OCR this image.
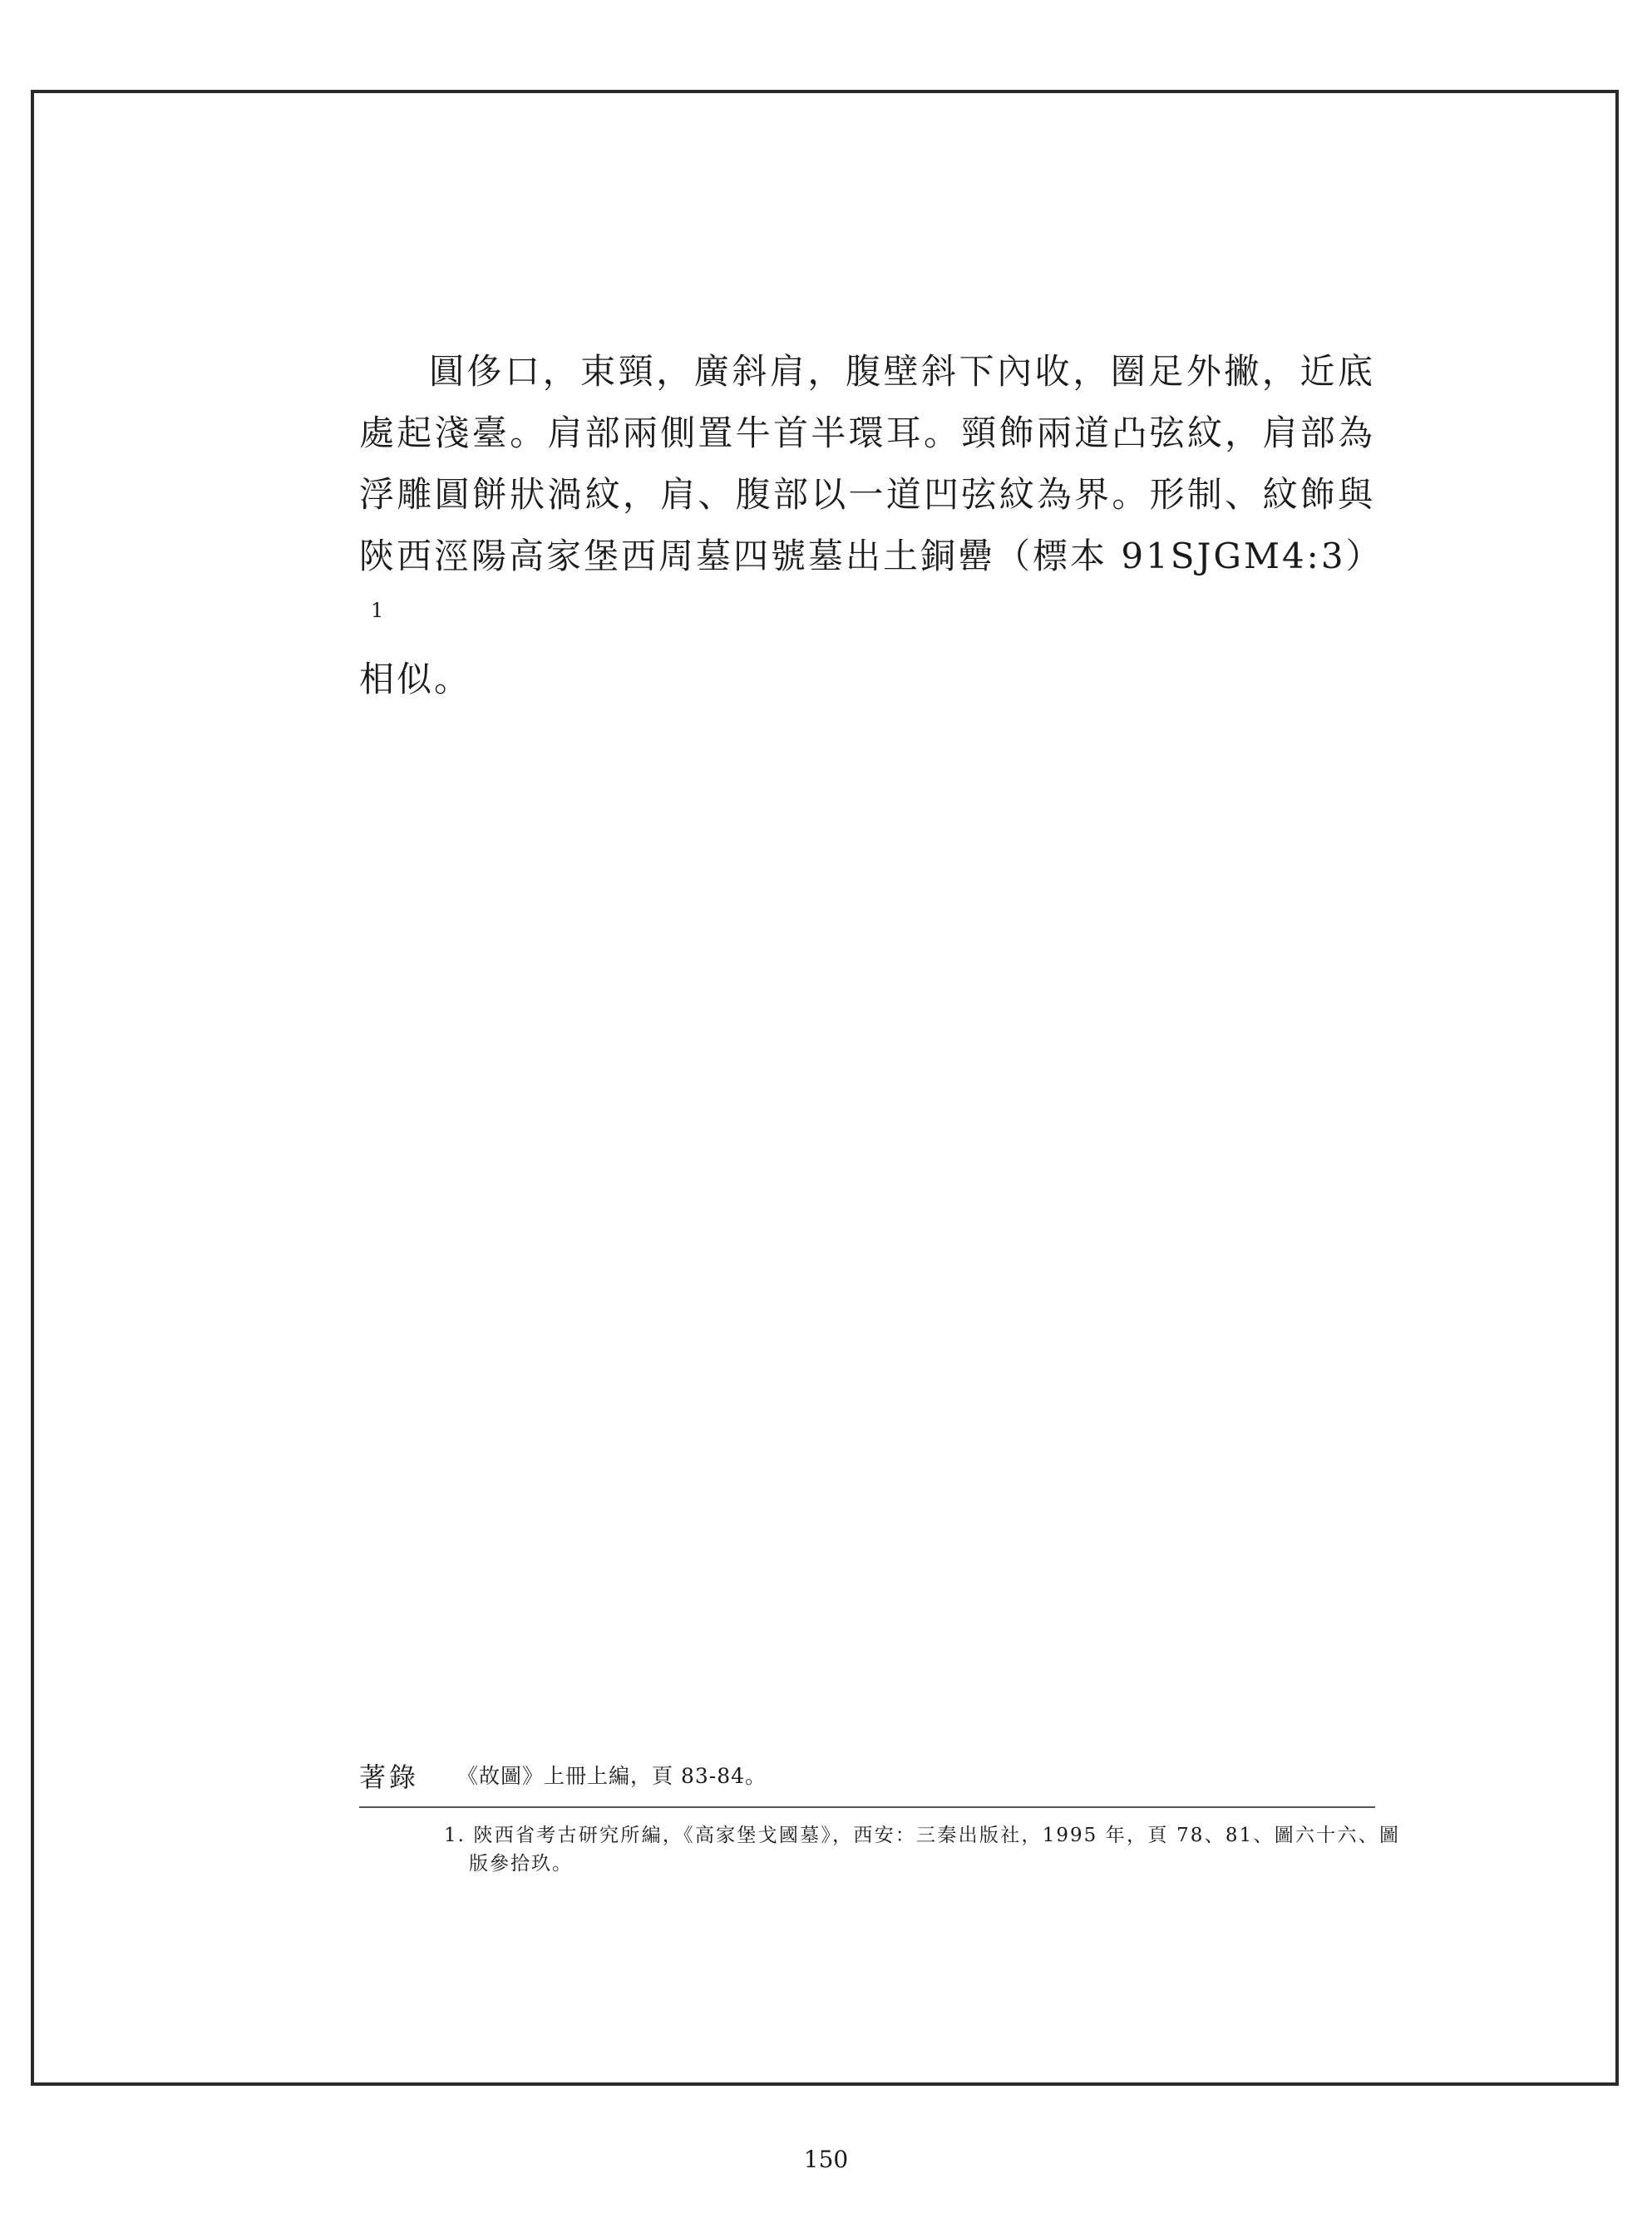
圓侈口，束頸，廣斜肩，腹壁斜下內收，圈足外撇，近底處起淺臺。肩部兩側置牛首半環耳。頸飾兩道凸弦紋，肩部為浮雕圓餅狀渦紋，肩、腹部以一道凹弦紋為界。形制、紋飾與陝西涇陽高家堡西周墓四號墓出土銅罍（標本 91SJGM4:3）$^1$
相似。

著錄 《故圖》上冊上編，頁 83-84。

1. 陝西省考古研究所編，《高家堡戈國墓》，西安：三秦出版社，1995 年，頁 78、81、圖六十六、圖版參拾玖。

150
